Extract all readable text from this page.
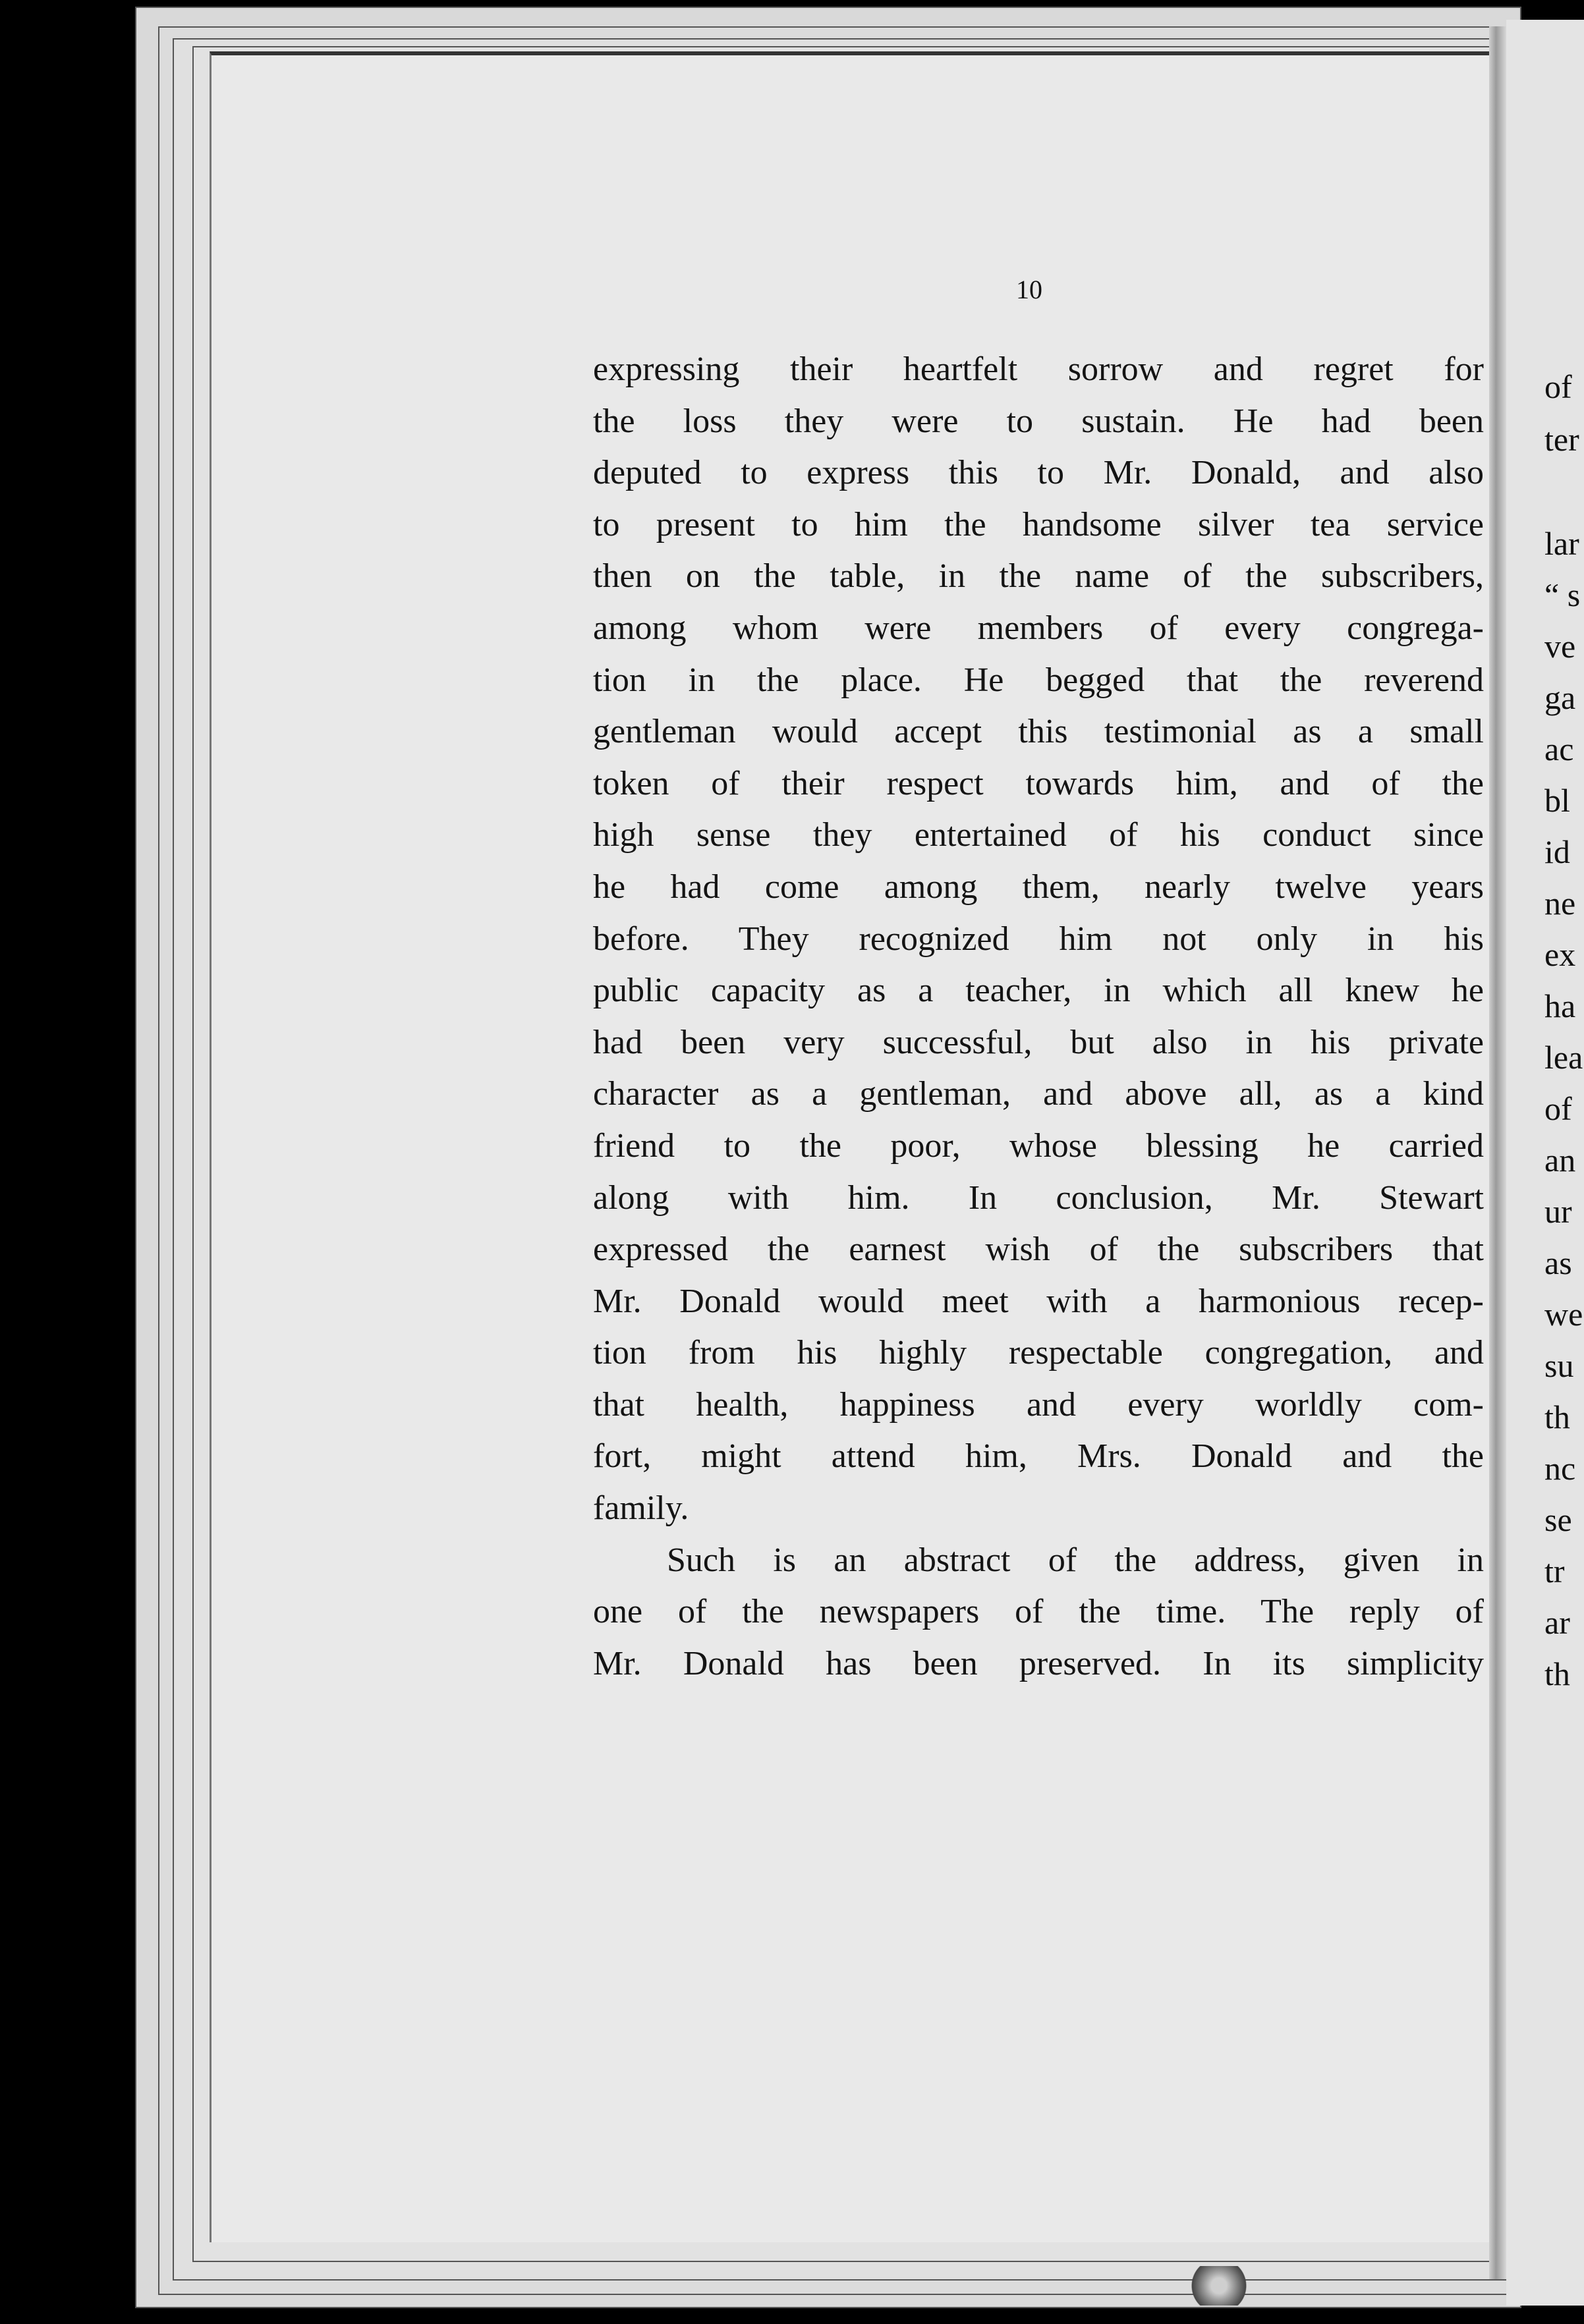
10
expressing their heartfelt sorrow and regret for
the loss they were to sustain. He had been
deputed to express this to Mr. Donald, and also
to present to him the handsome silver tea service
then on the table, in the name of the subscribers,
among whom were members of every congrega-
tion in the place. He begged that the reverend
gentleman would accept this testimonial as a small
token of their respect towards him, and of the
high sense they entertained of his conduct since
he had come among them, nearly twelve years
before. They recognized him not only in his
public capacity as a teacher, in which all knew he
had been very successful, but also in his private
character as a gentleman, and above all, as a kind
friend to the poor, whose blessing he carried
along with him. In conclusion, Mr. Stewart
expressed the earnest wish of the subscribers that
Mr. Donald would meet with a harmonious recep-
tion from his highly respectable congregation, and
that health, happiness and every worldly com-
fort, might attend him, Mrs. Donald and the
family.
Such is an abstract of the address, given in
one of the newspapers of the time. The reply of
Mr. Donald has been preserved. In its simplicity
of
ter
lar
“ s
ve
ga
ac
bl
id
ne
ex
ha
lea
of
an
ur
as
we
su
th
nc
se
tr
ar
th
